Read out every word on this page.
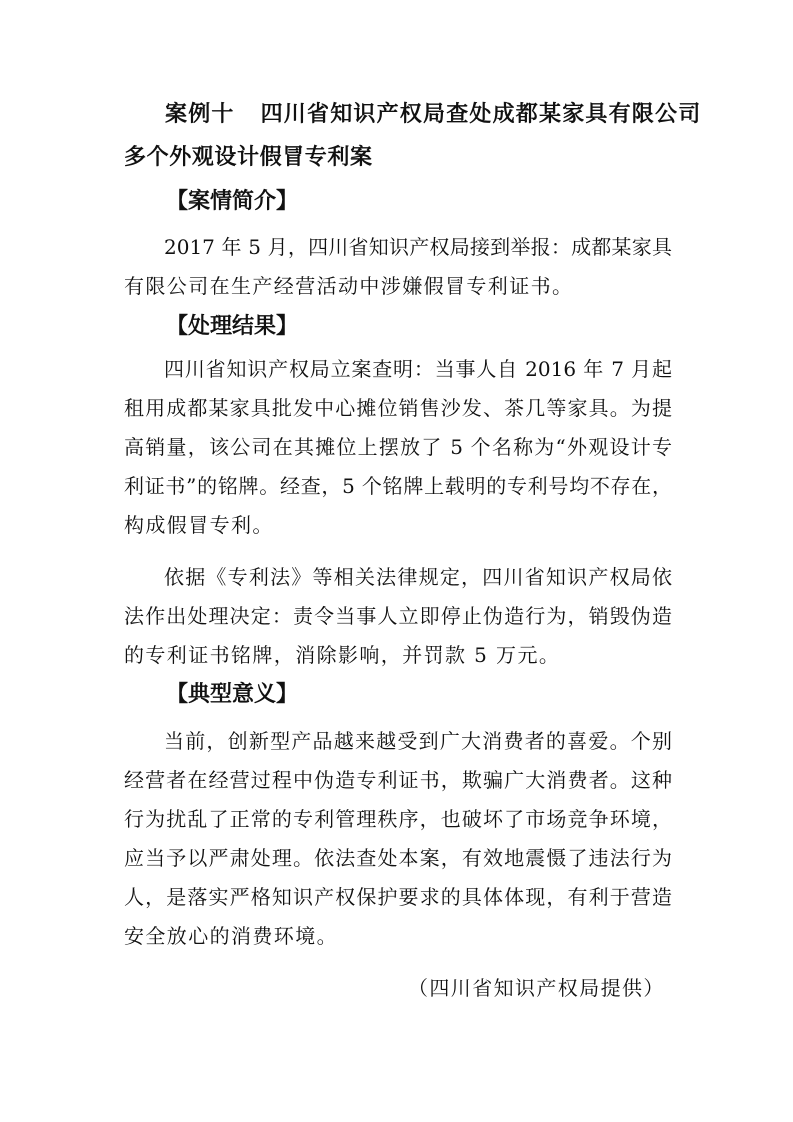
案例十 四川省知识产权局查处成都某家具有限公司
多个外观设计假冒专利案
【案情简介】
2017 年 5 月，四川省知识产权局接到举报：成都某家具
有限公司在生产经营活动中涉嫌假冒专利证书。
【处理结果】
四川省知识产权局立案查明：当事人自 2016 年 7 月起
租用成都某家具批发中心摊位销售沙发、茶几等家具。为提
高销量，该公司在其摊位上摆放了 5 个名称为“外观设计专
利证书”的铭牌。经查，5 个铭牌上载明的专利号均不存在，
构成假冒专利。
依据《专利法》等相关法律规定，四川省知识产权局依
法作出处理决定：责令当事人立即停止伪造行为，销毁伪造
的专利证书铭牌，消除影响，并罚款 5 万元。
【典型意义】
当前，创新型产品越来越受到广大消费者的喜爱。个别
经营者在经营过程中伪造专利证书，欺骗广大消费者。这种
行为扰乱了正常的专利管理秩序，也破坏了市场竞争环境，
应当予以严肃处理。依法查处本案，有效地震慑了违法行为
人，是落实严格知识产权保护要求的具体体现，有利于营造
安全放心的消费环境。
（四川省知识产权局提供）
